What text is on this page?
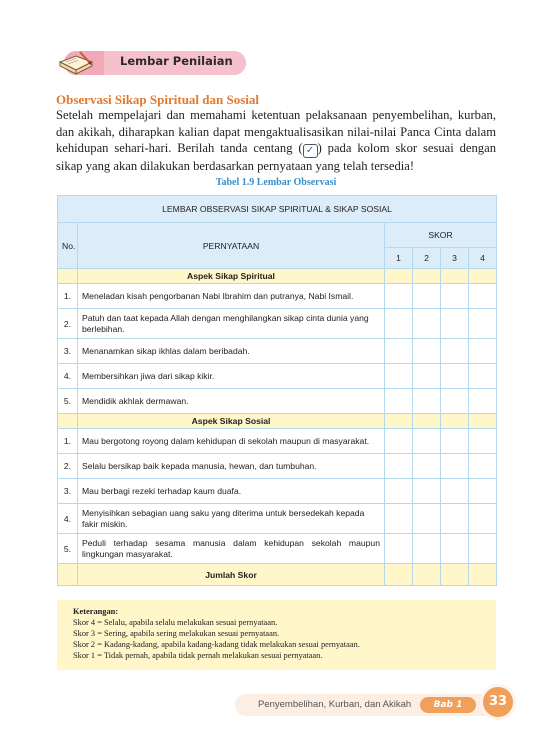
Lembar Penilaian
Observasi Sikap Spiritual dan Sosial

Setelah mempelajari dan memahami ketentuan pelaksanaan penyembelihan, kurban, dan akikah, diharapkan kalian dapat mengaktualisasikan nilai-nilai Panca Cinta dalam kehidupan sehari-hari. Berilah tanda centang ( ✓ ) pada kolom skor sesuai dengan sikap yang akan dilakukan berdasarkan pernyataan yang telah tersedia!

Tabel 1.9 Lembar Observasi
LEMBAR OBSERVASI SIKAP SPIRITUAL & SIKAP SOSIAL					
No.	PERNYATAAN	SKOR			
		1	2	3	4
	Aspek Sikap Spiritual				
1.	Meneladan kisah pengorbanan Nabi Ibrahim dan putranya, Nabi Ismail.				
2.	Patuh dan taat kepada Allah dengan menghilangkan sikap cinta dunia yang berlebihan.				
3.	Menanamkan sikap ikhlas dalam beribadah.				
4.	Membersihkan jiwa dari sikap kikir.				
5.	Mendidik akhlak dermawan.				
	Aspek Sikap Sosial				
1.	Mau bergotong royong dalam kehidupan di sekolah maupun di masyarakat.				
2.	Selalu bersikap baik kepada manusia, hewan, dan tumbuhan.				
3.	Mau berbagi rezeki terhadap kaum duafa.				
4.	Menyisihkan sebagian uang saku yang diterima untuk bersedekah kepada fakir miskin.				
5.	Peduli terhadap sesama manusia dalam kehidupan sekolah maupun lingkungan masyarakat.				
	Jumlah Skor				
Keterangan:
Skor 4 = Selalu, apabila selalu melakukan sesuai pernyataan.
Skor 3 = Sering, apabila sering melakukan sesuai pernyataan.
Skor 2 = Kadang-kadang, apabila kadang-kadang tidak melakukan sesuai pernyataan.
Skor 1 = Tidak pernah, apabila tidak pernah melakukan sesuai pernyataan.
Penyembelihan, Kurban, dan Akikah	Bab 1	33
